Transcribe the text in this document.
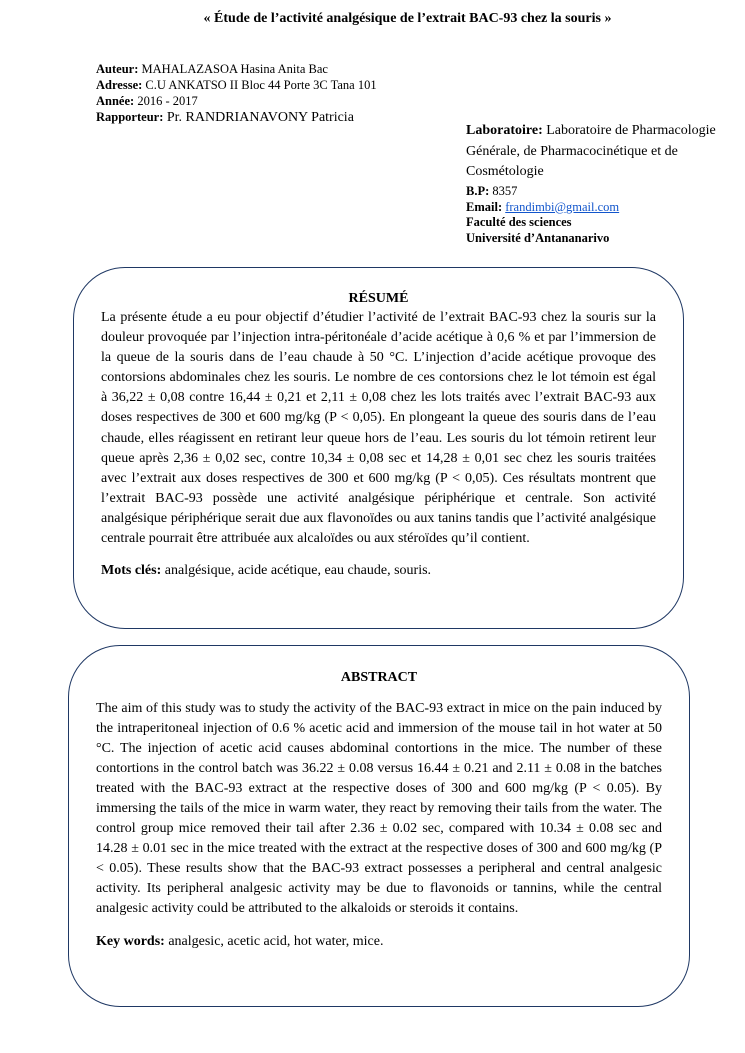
« Étude de l’activité analgésique de l’extrait BAC-93 chez la souris »
Auteur: MAHALAZASOA Hasina Anita Bac
Adresse: C.U ANKATSO II Bloc 44 Porte 3C Tana 101
Année: 2016 - 2017
Rapporteur: Pr. RANDRIANAVONY Patricia
Laboratoire: Laboratoire de Pharmacologie
Générale, de Pharmacocinétique et de
Cosmétologie
B.P: 8357
Email: frandimbi@gmail.com
Faculté des sciences
Université d’Antananarivo
RÉSUMÉ
La présente étude a eu pour objectif d’étudier l’activité de l’extrait BAC-93 chez la souris sur la douleur provoquée par l’injection intra-péritonéale d’acide acétique à 0,6 % et par l’immersion de la queue de la souris dans de l’eau chaude à 50 °C. L’injection d’acide acétique provoque des contorsions abdominales chez les souris. Le nombre de ces contorsions chez le lot témoin est égal à 36,22 ± 0,08 contre 16,44 ± 0,21 et 2,11 ± 0,08 chez les lots traités avec l’extrait BAC-93 aux doses respectives de 300 et 600 mg/kg (P < 0,05). En plongeant la queue des souris dans de l’eau chaude, elles réagissent en retirant leur queue hors de l’eau. Les souris du lot témoin retirent leur queue après 2,36 ± 0,02 sec, contre 10,34 ± 0,08 sec et 14,28 ± 0,01 sec chez les souris traitées avec l’extrait aux doses respectives de 300 et 600 mg/kg (P < 0,05). Ces résultats montrent que l’extrait BAC-93 possède une activité analgésique périphérique et centrale. Son activité analgésique périphérique serait due aux flavonoïdes ou aux tanins tandis que l’activité analgésique centrale pourrait être attribuée aux alcaloïdes ou aux stéroïdes qu’il contient.
Mots clés: analgésique, acide acétique, eau chaude, souris.
ABSTRACT
The aim of this study was to study the activity of the BAC-93 extract in mice on the pain induced by the intraperitoneal injection of 0.6 % acetic acid and immersion of the mouse tail in hot water at 50 °C. The injection of acetic acid causes abdominal contortions in the mice. The number of these contortions in the control batch was 36.22 ± 0.08 versus 16.44 ± 0.21 and 2.11 ± 0.08 in the batches treated with the BAC-93 extract at the respective doses of 300 and 600 mg/kg (P < 0.05). By immersing the tails of the mice in warm water, they react by removing their tails from the water. The control group mice removed their tail after 2.36 ± 0.02 sec, compared with 10.34 ± 0.08 sec and 14.28 ± 0.01 sec in the mice treated with the extract at the respective doses of 300 and 600 mg/kg (P < 0.05). These results show that the BAC-93 extract possesses a peripheral and central analgesic activity. Its peripheral analgesic activity may be due to flavonoids or tannins, while the central analgesic activity could be attributed to the alkaloids or steroids it contains.
Key words: analgesic, acetic acid, hot water, mice.
